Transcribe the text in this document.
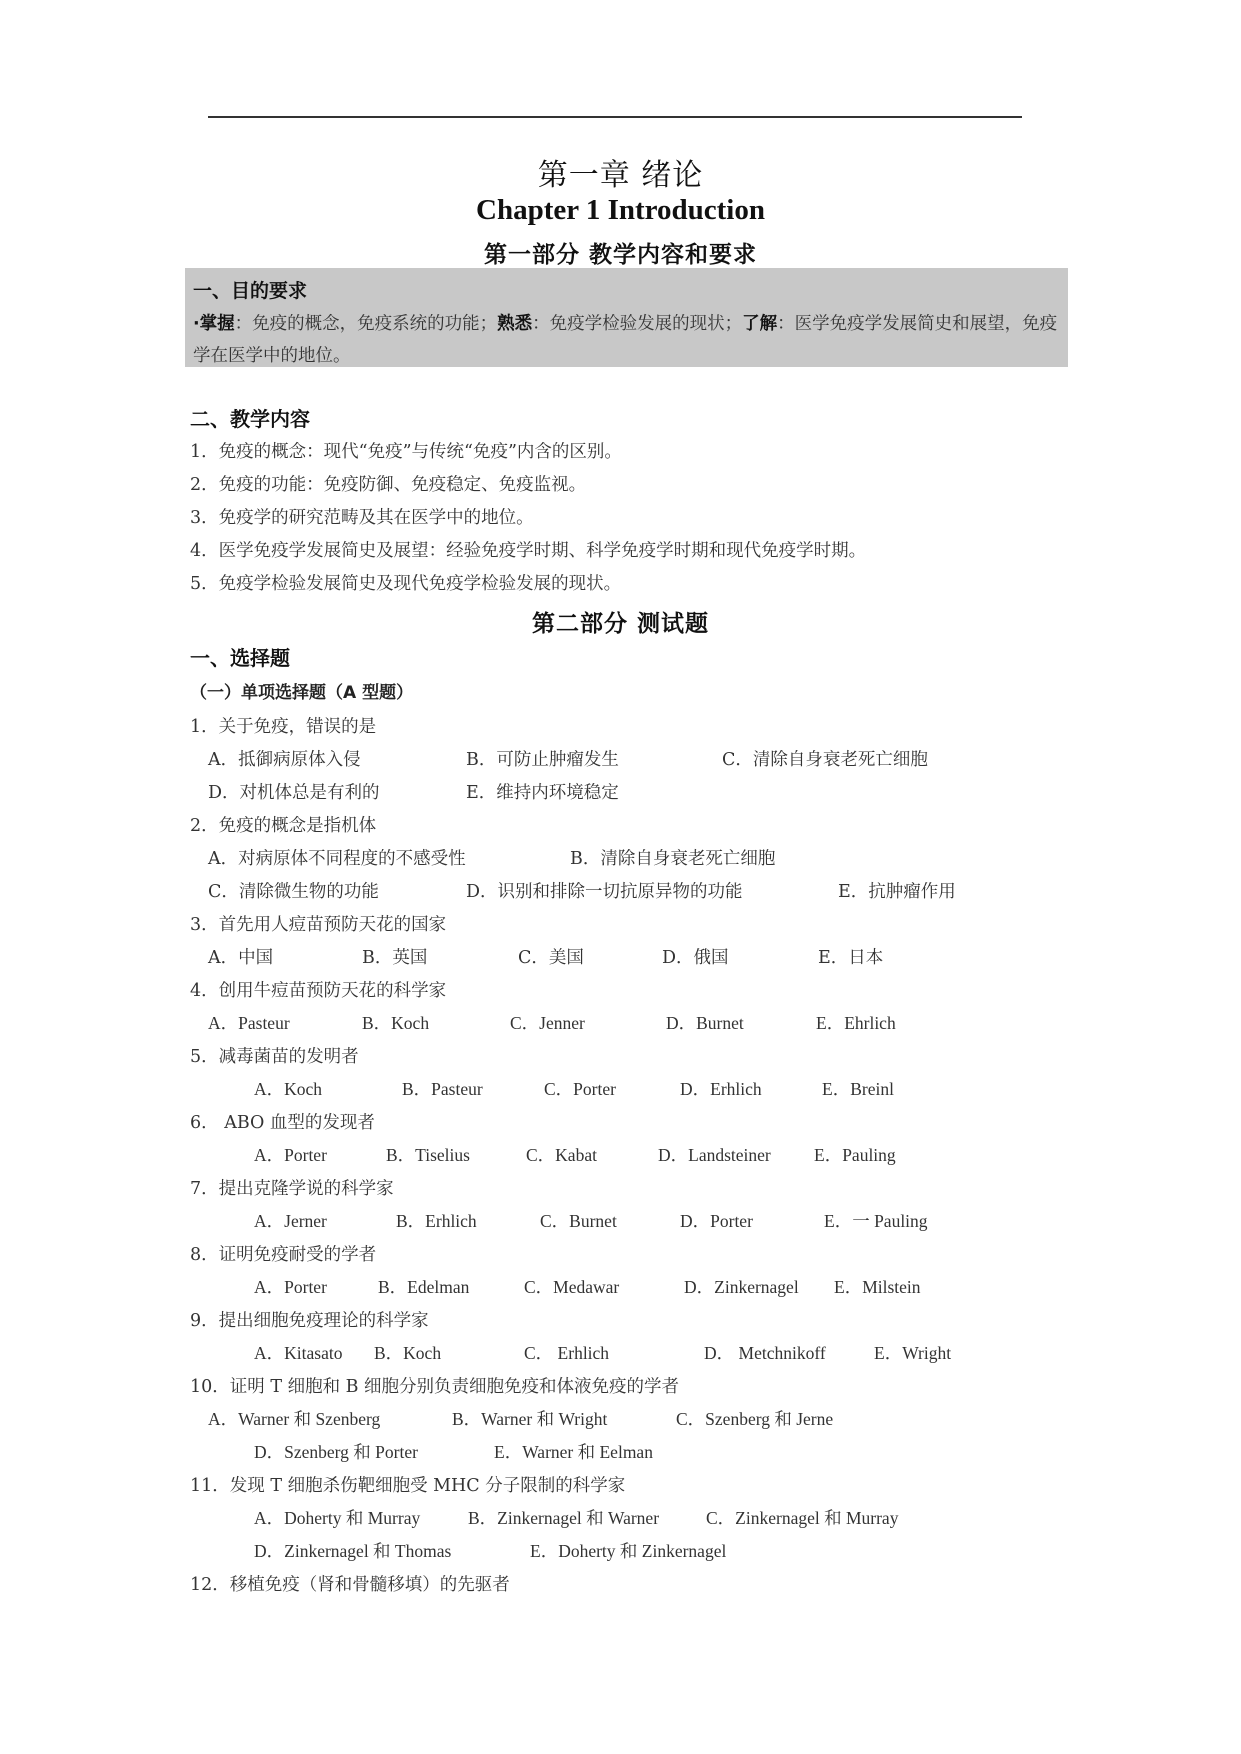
第一章 绪论
Chapter 1 Introduction
第一部分 教学内容和要求
一、目的要求
·掌握：免疫的概念，免疫系统的功能；熟悉：免疫学检验发展的现状；了解：医学免疫学发展简史和展望，免疫学在医学中的地位。
二、教学内容
1．免疫的概念：现代“免疫”与传统“免疫”内含的区别。
2．免疫的功能：免疫防御、免疫稳定、免疫监视。
3．免疫学的研究范畴及其在医学中的地位。
4．医学免疫学发展简史及展望：经验免疫学时期、科学免疫学时期和现代免疫学时期。
5．免疫学检验发展简史及现代免疫学检验发展的现状。
第二部分 测试题
一、选择题
（一）单项选择题（A 型题）
1．关于免疫，错误的是
A．抵御病原体入侵	B．可防止肿瘤发生	C．清除自身衰老死亡细胞
D．对机体总是有利的	E．维持内环境稳定
2．免疫的概念是指机体
A．对病原体不同程度的不感受性	B．清除自身衰老死亡细胞
C．清除微生物的功能	D．识别和排除一切抗原异物的功能	E．抗肿瘤作用
3．首先用人痘苗预防天花的国家
A．中国	B．英国	C．美国	D．俄国	E．日本
4．创用牛痘苗预防天花的科学家
A．Pasteur	B．Koch	C．Jenner	D．Burnet	E．Ehrlich
5．减毒菌苗的发明者
A．Koch	B．Pasteur	C．Porter	D．Erhlich	E．Breinl
6． ABO 血型的发现者
A．Porter	B．Tiselius	C．Kabat	D．Landsteiner E．Pauling
7．提出克隆学说的科学家
A．Jerner	B．Erhlich	C．Burnet	D．Porter	E．一 Pauling
8．证明免疫耐受的学者
A．Porter	B．Edelman	C．Medawar	D．Zinkernagel E．Milstein
9．提出细胞免疫理论的科学家
A．Kitasato B．Koch	C． Erhlich	D． Metchnikoff	E．Wright
10．证明 T 细胞和 B 细胞分别负责细胞免疫和体液免疫的学者
A．Warner 和 Szenberg	B．Warner 和 Wright	C．Szenberg 和 Jerne
D．Szenberg 和 Porter	E．Warner 和 Eelman
11．发现 T 细胞杀伤靶细胞受 MHC 分子限制的科学家
A．Doherty 和 Murray	B．Zinkernagel 和 Warner	C．Zinkernagel 和 Murray
D．Zinkernagel 和 Thomas	E．Doherty 和 Zinkernagel
12．移植免疫（肾和骨髓移填）的先驱者
